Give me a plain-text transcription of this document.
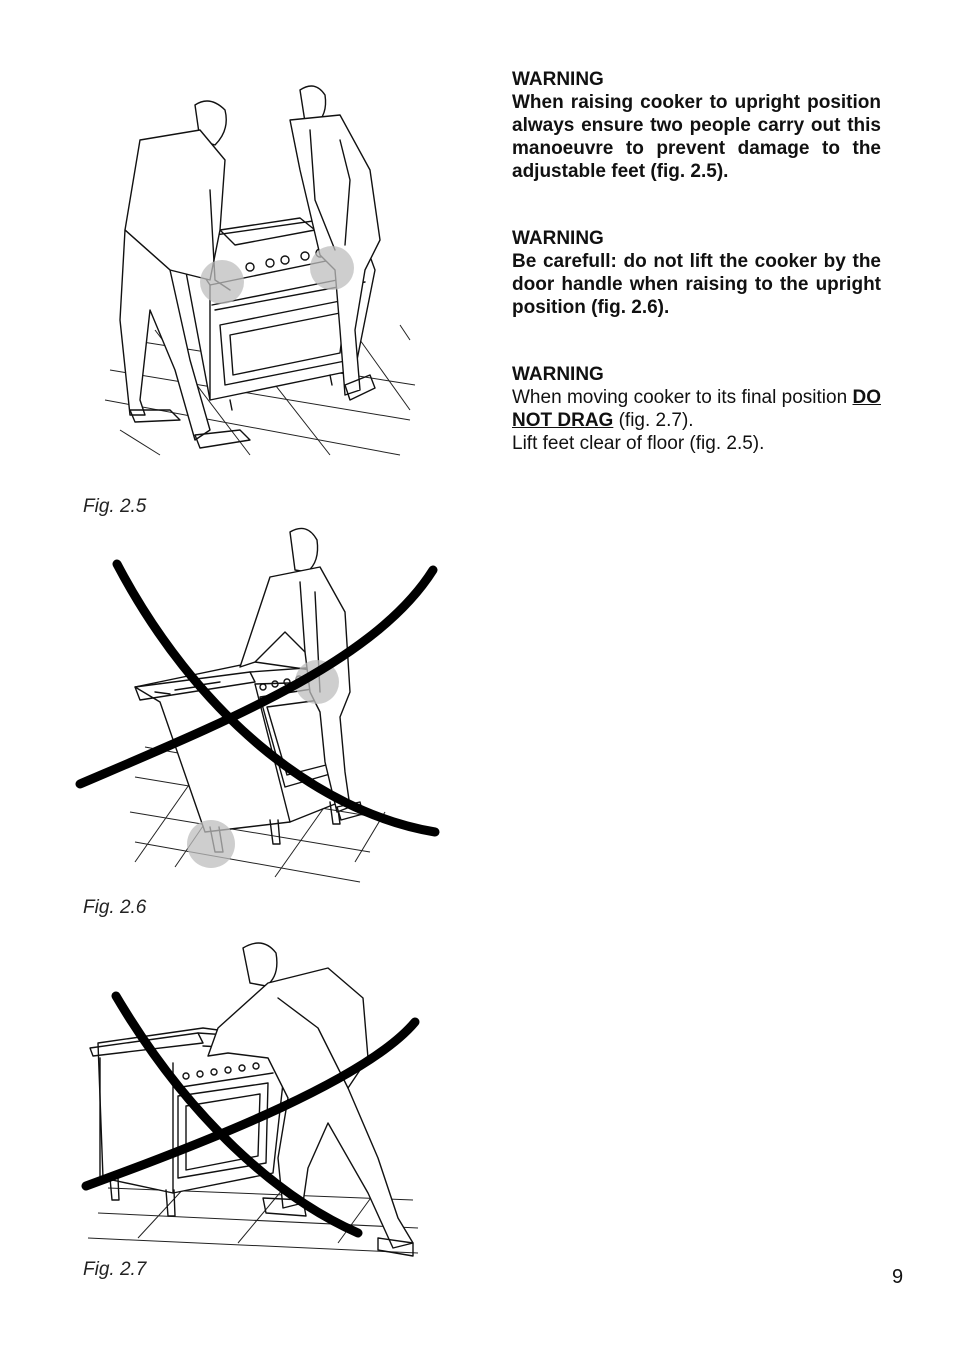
Fig. 2.5
Fig. 2.6
Fig. 2.7
WARNING
When raising cooker to upright position always ensure two people carry out this manoeuvre to prevent damage to the adjustable feet (fig. 2.5).
WARNING
Be carefull: do not lift the cooker by the door handle when raising to the upright position (fig. 2.6).
WARNING
When moving cooker to its final position DO NOT DRAG (fig. 2.7).
Lift feet clear of floor (fig. 2.5).
9
